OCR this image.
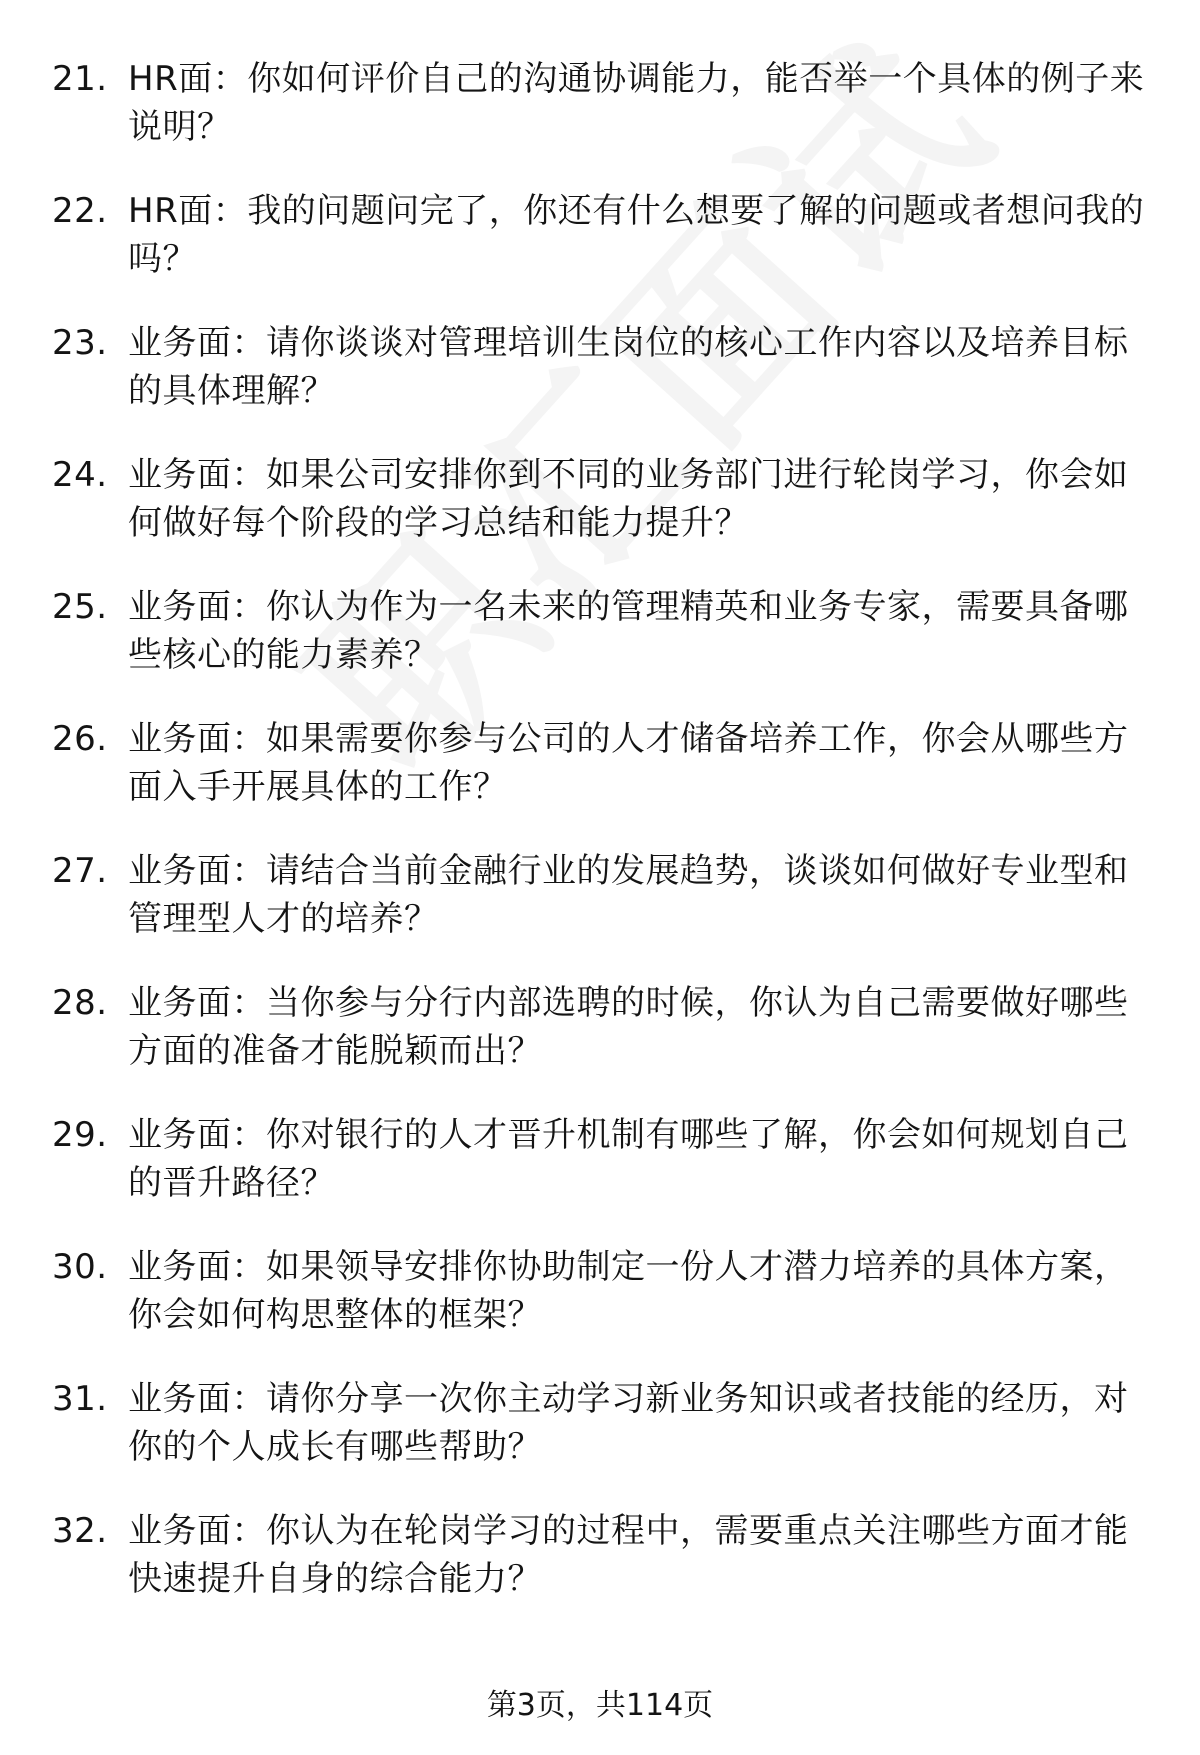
21. HR面：你如何评价自己的沟通协调能力，能否举一个具体的例子来说明？
22. HR面：我的问题问完了，你还有什么想要了解的问题或者想问我的吗？
23. 业务面：请你谈谈对管理培训生岗位的核心工作内容以及培养目标的具体理解？
24. 业务面：如果公司安排你到不同的业务部门进行轮岗学习，你会如何做好每个阶段的学习总结和能力提升？
25. 业务面：你认为作为一名未来的管理精英和业务专家，需要具备哪些核心的能力素养？
26. 业务面：如果需要你参与公司的人才储备培养工作，你会从哪些方面入手开展具体的工作？
27. 业务面：请结合当前金融行业的发展趋势，谈谈如何做好专业型和管理型人才的培养？
28. 业务面：当你参与分行内部选聘的时候，你认为自己需要做好哪些方面的准备才能脱颖而出？
29. 业务面：你对银行的人才晋升机制有哪些了解，你会如何规划自己的晋升路径？
30. 业务面：如果领导安排你协助制定一份人才潜力培养的具体方案，你会如何构思整体的框架？
31. 业务面：请你分享一次你主动学习新业务知识或者技能的经历，对你的个人成长有哪些帮助？
32. 业务面：你认为在轮岗学习的过程中，需要重点关注哪些方面才能快速提升自身的综合能力？
第3页，共114页
